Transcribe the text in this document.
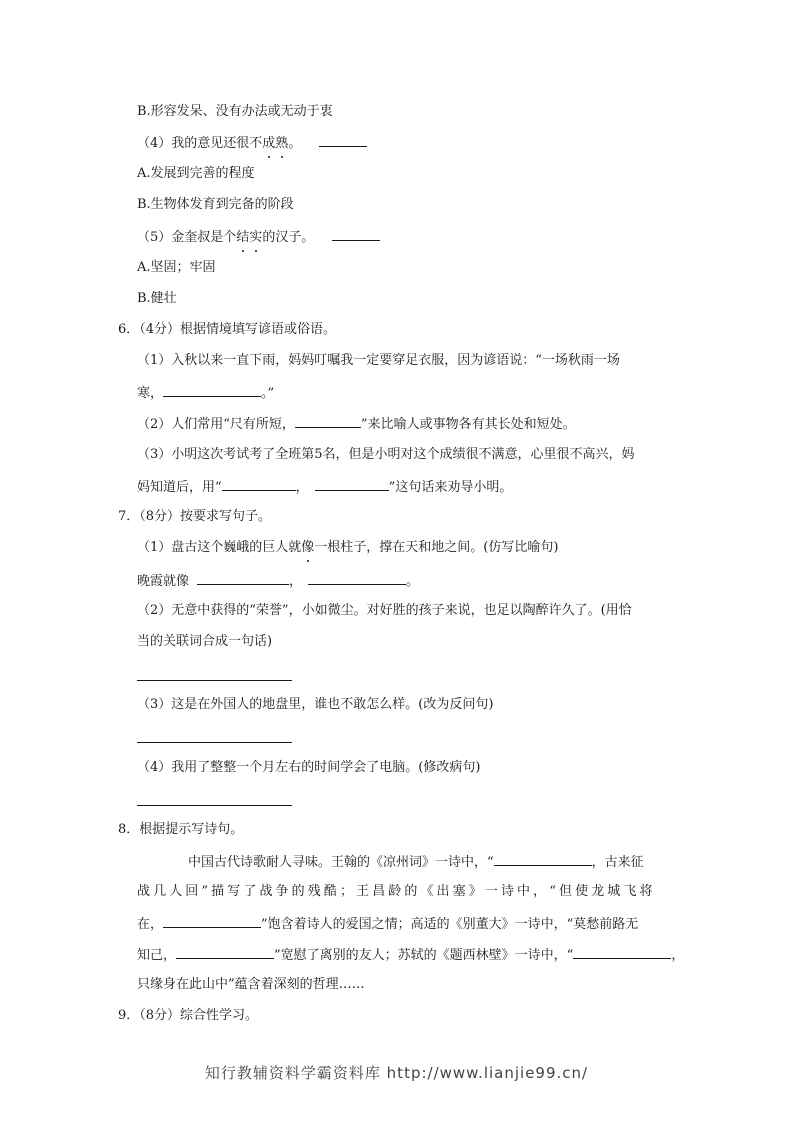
B.形容发呆、没有办法或无动于衷
（4）我的意见还很不成熟。
A.发展到完善的程度
B.生物体发育到完备的阶段
（5）金奎叔是个结实的汉子。
A.坚固；牢固
B.健壮
6．（4分）根据情境填写谚语或俗语。
（1）入秋以来一直下雨，妈妈叮嘱我一定要穿足衣服，因为谚语说：“一场秋雨一场
寒，	。”
（2）人们常用“尺有所短，	”来比喻人或事物各有其长处和短处。
（3）小明这次考试考了全班第5名，但是小明对这个成绩很不满意，心里很不高兴，妈
妈知道后，用“	，	”这句话来劝导小明。
7．（8分）按要求写句子。
（1）盘古这个巍峨的巨人就像一根柱子，撑在天和地之间。(仿写比喻句)
晚霞就像	，	。
（2）无意中获得的“荣誉”，小如微尘。对好胜的孩子来说，也足以陶醉许久了。(用恰
当的关联词合成一句话)
（3）这是在外国人的地盘里，谁也不敢怎么样。(改为反问句)
（4）我用了整整一个月左右的时间学会了电脑。(修改病句)
8．根据提示写诗句。
中国古代诗歌耐人寻味。王翰的《凉州词》一诗中，“	，古来征
战几人回”描写了战争的残酷；王昌龄的《出塞》一诗中，“但使龙城飞将
在，	”饱含着诗人的爱国之情；高适的《别董大》一诗中，“莫愁前路无
知己，	”宽慰了离别的友人；苏轼的《题西林壁》一诗中，“	，
只缘身在此山中”蕴含着深刻的哲理……
9．（8分）综合性学习。
知行教辅资料学霸资料库 http://www.lianjie99.cn/
